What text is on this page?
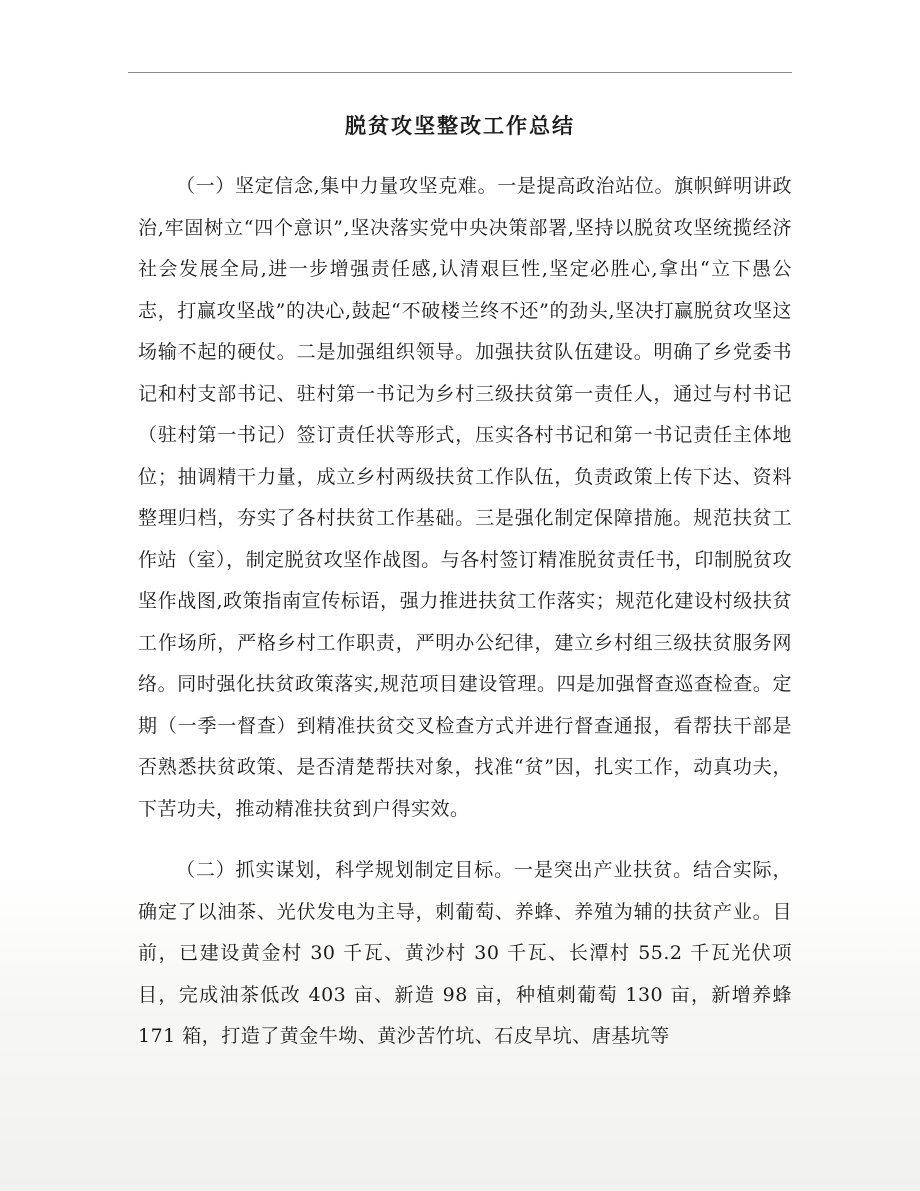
脱贫攻坚整改工作总结

（一）坚定信念,集中力量攻坚克难。一是提高政治站位。旗帜鲜明讲政治,牢固树立“四个意识”,坚决落实党中央决策部署,坚持以脱贫攻坚统揽经济社会发展全局,进一步增强责任感,认清艰巨性,坚定必胜心,拿出“立下愚公志，打赢攻坚战”的决心,鼓起“不破楼兰终不还”的劲头,坚决打赢脱贫攻坚这场输不起的硬仗。二是加强组织领导。加强扶贫队伍建设。明确了乡党委书记和村支部书记、驻村第一书记为乡村三级扶贫第一责任人，通过与村书记（驻村第一书记）签订责任状等形式，压实各村书记和第一书记责任主体地位；抽调精干力量，成立乡村两级扶贫工作队伍，负责政策上传下达、资料整理归档，夯实了各村扶贫工作基础。三是强化制定保障措施。规范扶贫工作站（室），制定脱贫攻坚作战图。与各村签订精准脱贫责任书，印制脱贫攻坚作战图,政策指南宣传标语，强力推进扶贫工作落实；规范化建设村级扶贫工作场所，严格乡村工作职责，严明办公纪律，建立乡村组三级扶贫服务网络。同时强化扶贫政策落实,规范项目建设管理。四是加强督查巡查检查。定期（一季一督查）到精准扶贫交叉检查方式并进行督查通报，看帮扶干部是否熟悉扶贫政策、是否清楚帮扶对象，找准“贫”因，扎实工作，动真功夫，下苦功夫，推动精准扶贫到户得实效。

（二）抓实谋划，科学规划制定目标。一是突出产业扶贫。结合实际，确定了以油茶、光伏发电为主导，刺葡萄、养蜂、养殖为辅的扶贫产业。目前，已建设黄金村 30 千瓦、黄沙村 30 千瓦、长潭村 55.2 千瓦光伏项目，完成油茶低改 403 亩、新造 98 亩，种植刺葡萄 130 亩，新增养蜂 171 箱，打造了黄金牛坳、黄沙苦竹坑、石皮旱坑、唐基坑等
